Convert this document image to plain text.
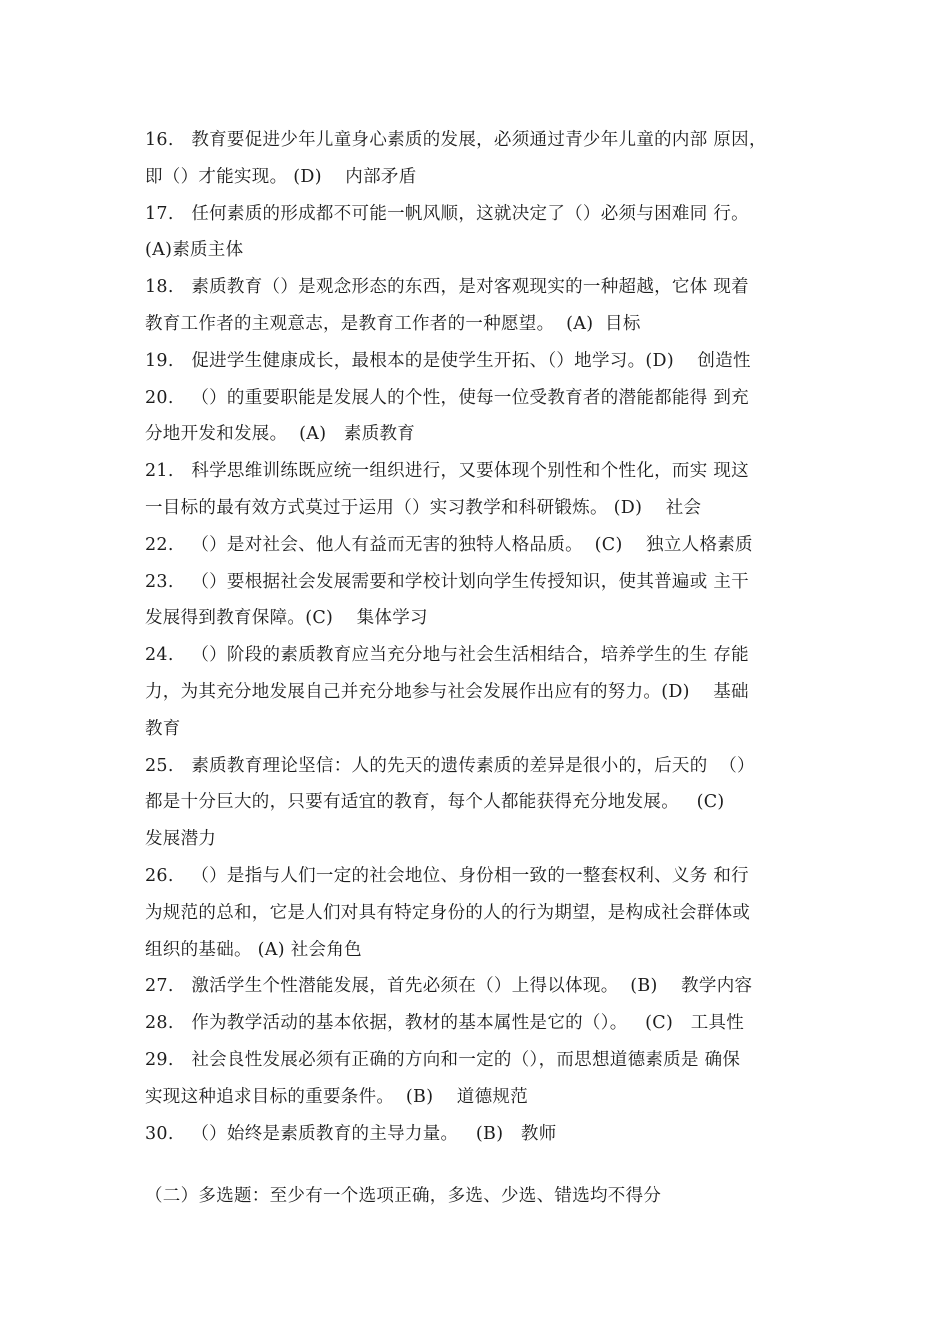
16.   教育要促进少年儿童身心素质的发展，必须通过青少年儿童的内部 原因，
即（）才能实现。 (D)    内部矛盾
17.   任何素质的形成都不可能一帆风顺，这就决定了（）必须与困难同 行。
(A)素质主体
18.   素质教育（）是观念形态的东西，是对客观现实的一种超越，它体 现着
教育工作者的主观意志，是教育工作者的一种愿望。  (A)  目标
19.   促进学生健康成长，最根本的是使学生开拓、（）地学习。(D)    创造性
20.   （）的重要职能是发展人的个性，使每一位受教育者的潜能都能得 到充
分地开发和发展。  (A)   素质教育
21.   科学思维训练既应统一组织进行，又要体现个别性和个性化，而实 现这
一目标的最有效方式莫过于运用（）实习教学和科研锻炼。 (D)    社会
22.   （）是对社会、他人有益而无害的独特人格品质。  (C)    独立人格素质
23.   （）要根据社会发展需要和学校计划向学生传授知识，使其普遍或 主干
发展得到教育保障。(C)    集体学习
24.   （）阶段的素质教育应当充分地与社会生活相结合，培养学生的生 存能
力，为其充分地发展自己并充分地参与社会发展作出应有的努力。(D)    基础
教育
25.   素质教育理论坚信：人的先天的遗传素质的差异是很小的，后天的  （）
都是十分巨大的，只要有适宜的教育，每个人都能获得充分地发展。   (C)
发展潜力
26.   （）是指与人们一定的社会地位、身份相一致的一整套权利、义务 和行
为规范的总和，它是人们对具有特定身份的人的行为期望，是构成社会群体或
组织的基础。 (A) 社会角色
27.   激活学生个性潜能发展，首先必须在（）上得以体现。  (B)    教学内容
28.   作为教学活动的基本依据，教材的基本属性是它的（）。   (C)   工具性
29.   社会良性发展必须有正确的方向和一定的（），而思想道德素质是 确保
实现这种追求目标的重要条件。  (B)    道德规范
30.   （）始终是素质教育的主导力量。   (B)   教师
（二）多选题：至少有一个选项正确，多选、少选、错选均不得分
